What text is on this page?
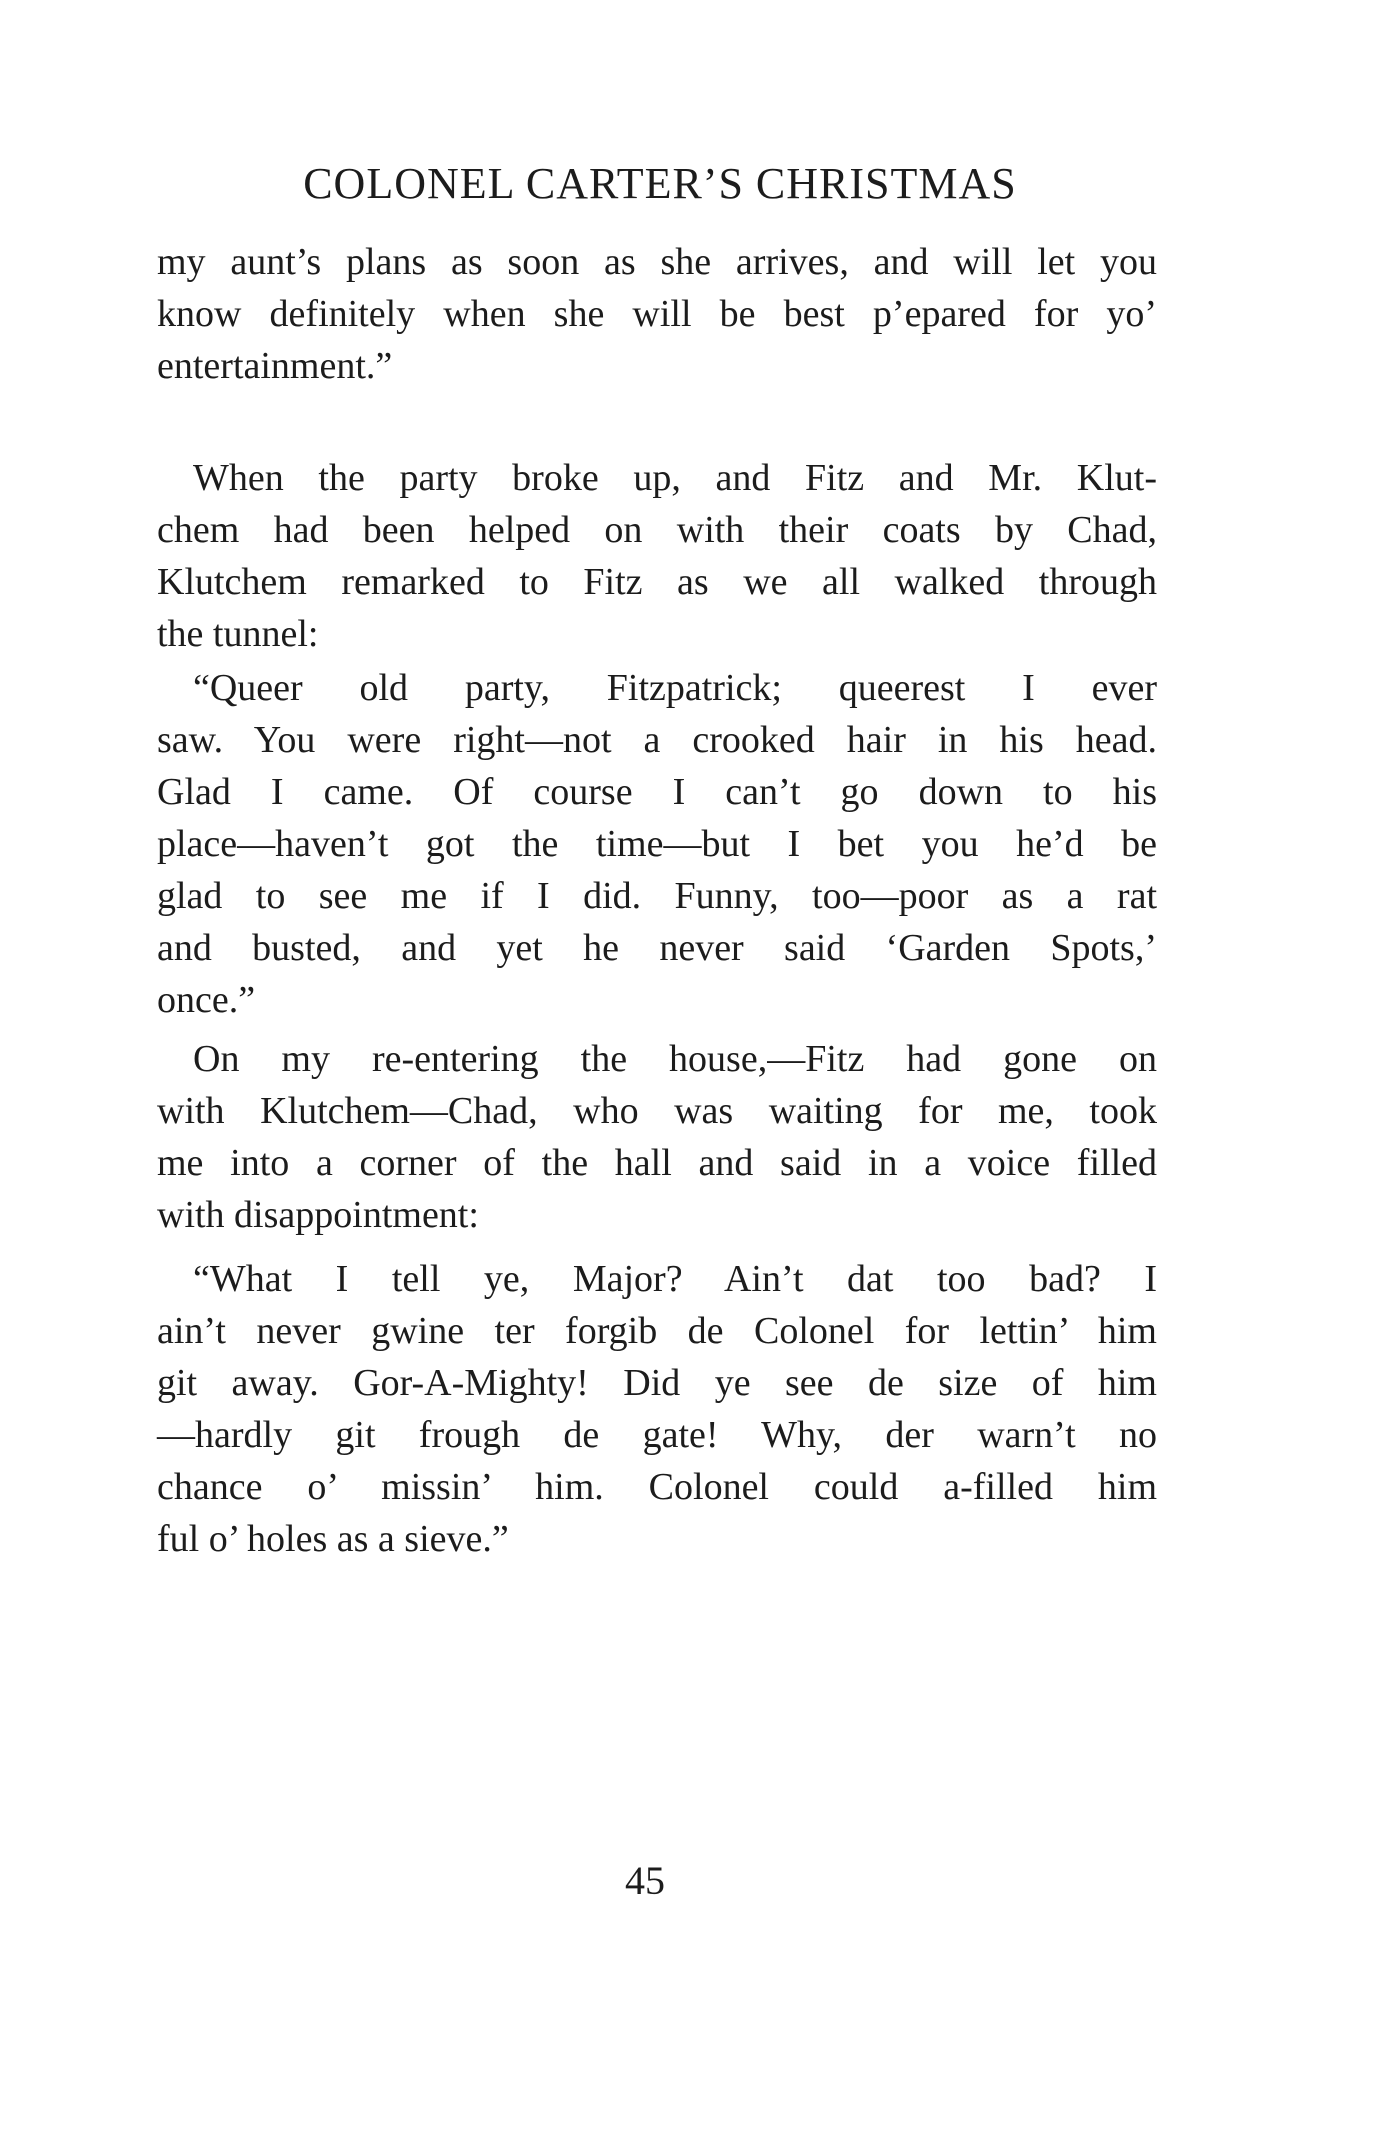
COLONEL CARTER’S CHRISTMAS
my aunt’s plans as soon as she arrives, and will let you
know definitely when she will be best p’epared for yo’
entertainment.”
When the party broke up, and Fitz and Mr. Klut-
chem had been helped on with their coats by Chad,
Klutchem remarked to Fitz as we all walked through
the tunnel:
“Queer old party, Fitzpatrick; queerest I ever
saw. You were right—not a crooked hair in his head.
Glad I came. Of course I can’t go down to his
place—haven’t got the time—but I bet you he’d be
glad to see me if I did. Funny, too—poor as a rat
and busted, and yet he never said ‘Garden Spots,’
once.”
On my re-entering the house,—Fitz had gone on
with Klutchem—Chad, who was waiting for me, took
me into a corner of the hall and said in a voice filled
with disappointment:
“What I tell ye, Major? Ain’t dat too bad? I
ain’t never gwine ter forgib de Colonel for lettin’ him
git away. Gor-A-Mighty! Did ye see de size of him
—hardly git frough de gate! Why, der warn’t no
chance o’ missin’ him. Colonel could a-filled him
ful o’ holes as a sieve.”
45
